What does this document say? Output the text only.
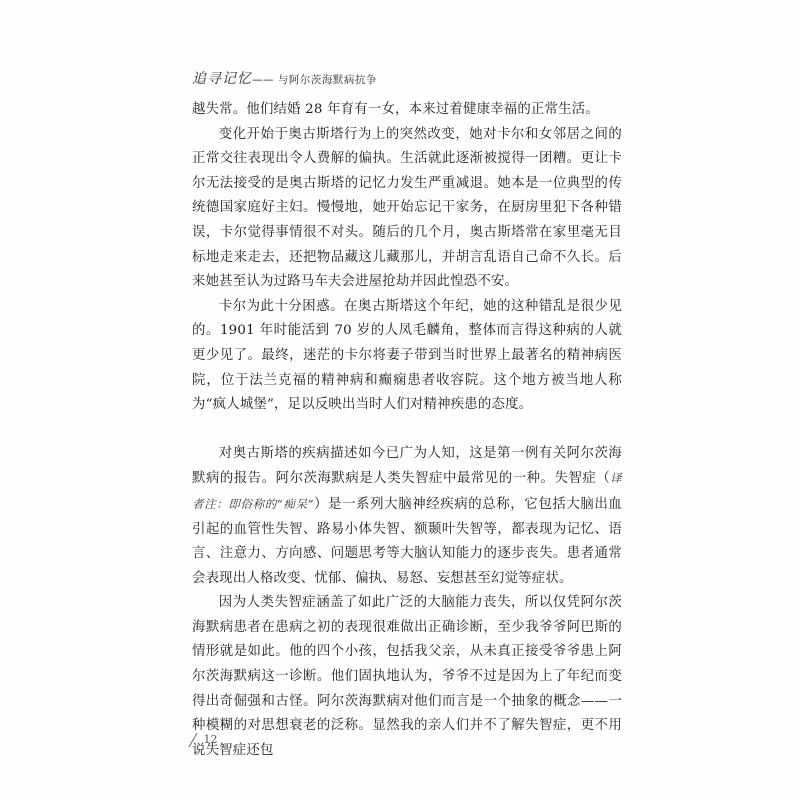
追寻记忆—— 与阿尔茨海默病抗争

越失常。他们结婚 28 年育有一女，本来过着健康幸福的正常生活。

变化开始于奥古斯塔行为上的突然改变，她对卡尔和女邻居之间的正常交往表现出令人费解的偏执。生活就此逐渐被搅得一团糟。更让卡尔无法接受的是奥古斯塔的记忆力发生严重减退。她本是一位典型的传统德国家庭好主妇。慢慢地，她开始忘记干家务，在厨房里犯下各种错误，卡尔觉得事情很不对头。随后的几个月，奥古斯塔常在家里毫无目标地走来走去，还把物品藏这儿藏那儿，并胡言乱语自己命不久长。后来她甚至认为过路马车夫会进屋抢劫并因此惶恐不安。

卡尔为此十分困惑。在奥古斯塔这个年纪，她的这种错乱是很少见的。1901 年时能活到 70 岁的人凤毛麟角，整体而言得这种病的人就更少见了。最终，迷茫的卡尔将妻子带到当时世界上最著名的精神病医院，位于法兰克福的精神病和癫痫患者收容院。这个地方被当地人称为“疯人城堡”，足以反映出当时人们对精神疾患的态度。

对奥古斯塔的疾病描述如今已广为人知，这是第一例有关阿尔茨海默病的报告。阿尔茨海默病是人类失智症中最常见的一种。失智症（译者注：即俗称的“痴呆”）是一系列大脑神经疾病的总称，它包括大脑出血引起的血管性失智、路易小体失智、额颞叶失智等，都表现为记忆、语言、注意力、方向感、问题思考等大脑认知能力的逐步丧失。患者通常会表现出人格改变、忧郁、偏执、易怒、妄想甚至幻觉等症状。

因为人类失智症涵盖了如此广泛的大脑能力丧失，所以仅凭阿尔茨海默病患者在患病之初的表现很难做出正确诊断，至少我爷爷阿巴斯的情形就是如此。他的四个小孩，包括我父亲，从未真正接受爷爷患上阿尔茨海默病这一诊断。他们固执地认为，爷爷不过是因为上了年纪而变得出奇倔强和古怪。阿尔茨海默病对他们而言是一个抽象的概念——一种模糊的对思想衰老的泛称。显然我的亲人们并不了解失智症，更不用说失智症还包

12
